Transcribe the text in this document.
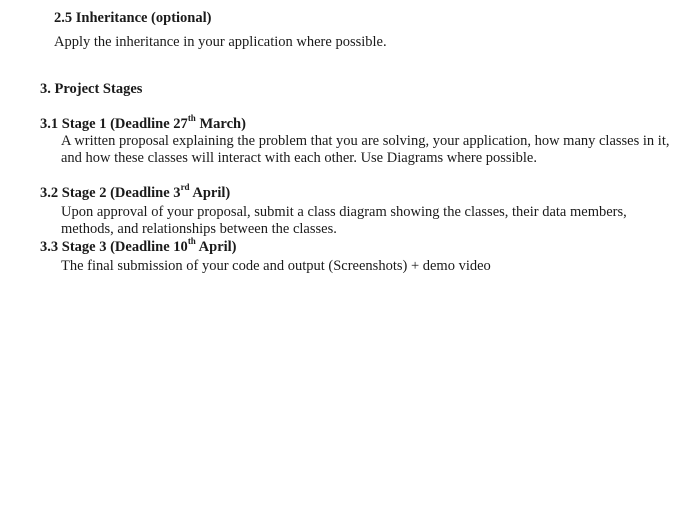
2.5 Inheritance (optional)
Apply the inheritance in your application where possible.
3. Project Stages
3.1 Stage 1 (Deadline 27th March)
A written proposal explaining the problem that you are solving, your application, how many classes in it,
and how these classes will interact with each other. Use Diagrams where possible.
3.2 Stage 2 (Deadline 3rd April)
Upon approval of your proposal, submit a class diagram showing the classes, their data members,
methods, and relationships between the classes.
3.3 Stage 3 (Deadline 10th April)
The final submission of your code and output (Screenshots) + demo video
